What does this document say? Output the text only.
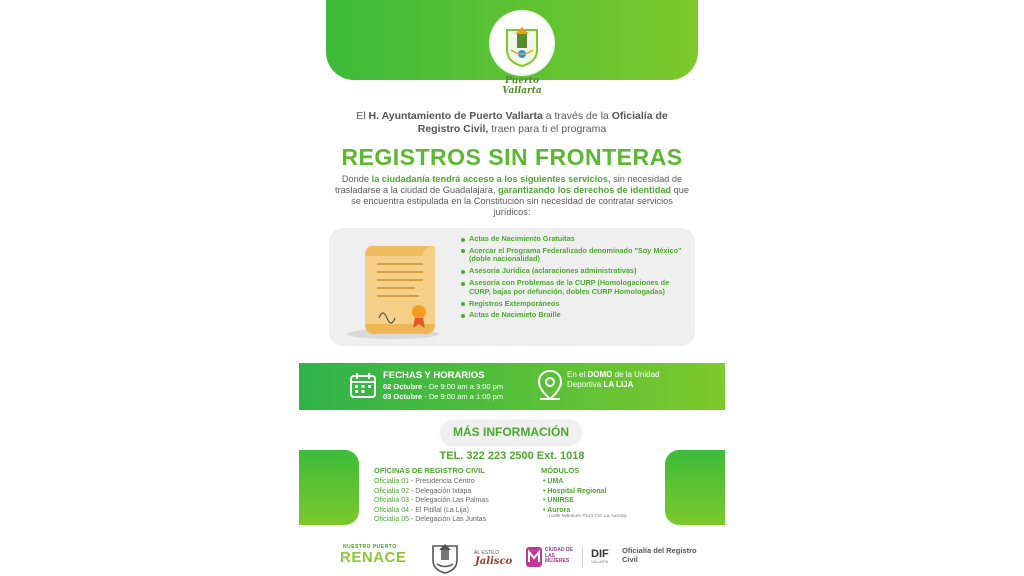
Puerto
Vallarta
El H. Ayuntamiento de Puerto Vallarta a través de la Oficialía de Registro Civil, traen para ti el programa
REGISTROS SIN FRONTERAS
Donde la ciudadanía tendrá acceso a los siguientes servicios, sin necesidad de trasladarse a la ciudad de Guadalajara, garantizando los derechos de identidad que se encuentra estipulada en la Constitución sin necesidad de contratar servicios jurídicos:
Actas de Nacimiento Gratuitas
Acercar el Programa Federalizado denominado "Soy México" (doble nacionalidad)
Asesoría Jurídica (aclaraciones administrativas)
Asesoría con Problemas de la CURP (Homologaciones de CURP, bajas por defunción, dobles CURP Homologadas)
Registros Extemporáneos
Actas de Nacimieto Braille
FECHAS Y HORARIOS
02 Octubre - De 9:00 am a 3:00 pm
03 Octubre - De 9:00 am a 1:00 pm
En el DOMO de la Unidad Deportiva LA LIJA
MÁS INFORMACIÓN
TEL. 322 223 2500 Ext. 1018
OFICINAS DE REGISTRO CIVIL
Oficialía 01 - Presidencia Centro
Oficialía 02 - Delegación Ixtapa
Oficialía 03 - Delegación Las Palmas
Oficialía 04 - El Pitillal (La Lija)
Oficialía 05 - Delegación Las Juntas
MÓDULOS
• UMA
• Hospital Regional
• UNIRSE
• Aurora
(calle Milenium #143 Col. La Aurora)
NUESTRO PUERTO
RENACE	AL ESTILO
Jalisco
CIUDAD DE LAS MUJERES
DIF
VALLARTA
Oficialía del Registro Civil
